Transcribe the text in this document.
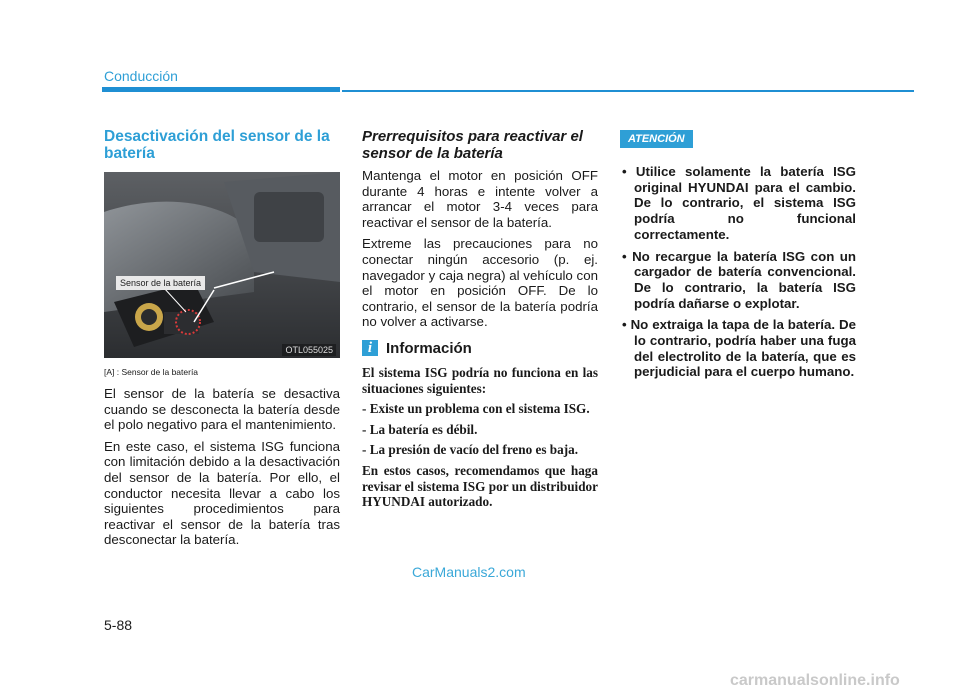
Conducción
Desactivación del sensor de la batería
Sensor de la batería
OTL055025
[A] : Sensor de la batería

El sensor de la batería se desactiva cuando se desconecta la batería desde el polo negativo para el mantenimiento.

En este caso, el sistema ISG funciona con limitación debido a la desactivación del sensor de la batería. Por ello, el conductor necesita llevar a cabo los siguientes procedimientos para reactivar el sensor de la batería tras desconectar la batería.

Prerrequisitos para reactivar el sensor de la batería

Mantenga el motor en posición OFF durante 4 horas e intente volver a arrancar el motor 3-4 veces para reactivar el sensor de la batería.

Extreme las precauciones para no conectar ningún accesorio (p. ej. navegador y caja negra) al vehículo con el motor en posición OFF. De lo contrario, el sensor de la batería podría no volver a activarse.

i Información

El sistema ISG podría no funciona en las situaciones siguientes:

- Existe un problema con el sistema ISG.

- La batería es débil.

- La presión de vacío del freno es baja.

En estos casos, recomendamos que haga revisar el sistema ISG por un distribuidor HYUNDAI autorizado.

ATENCIÓN
• Utilice solamente la batería ISG original HYUNDAI para el cambio. De lo contrario, el sistema ISG podría no funcional correctamente.
• No recargue la batería ISG con un cargador de batería convencional. De lo contrario, la batería ISG podría dañarse o explotar.
• No extraiga la tapa de la batería. De lo contrario, podría haber una fuga del electrolito de la batería, que es perjudicial para el cuerpo humano.
5-88
CarManuals2.com
carmanualsonline.info
